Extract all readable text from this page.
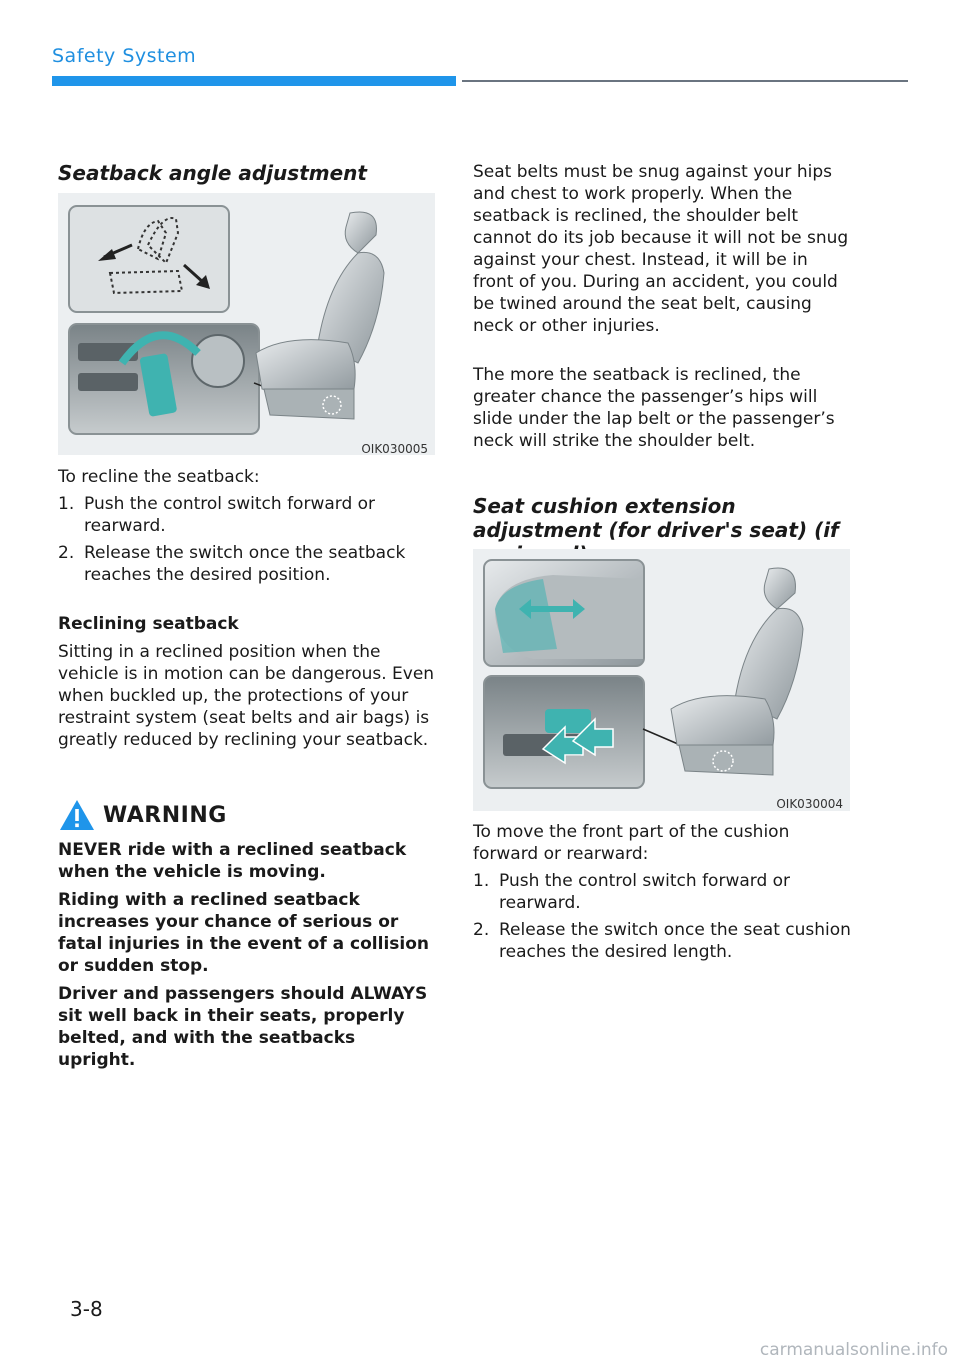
Safety System
Seatback angle adjustment
OIK030005

To recline the seatback:

1. Push the control switch forward or rearward.
2. Release the switch once the seatback reaches the desired position.

Reclining seatback

Sitting in a reclined position when the vehicle is in motion can be dangerous. Even when buckled up, the protections of your restraint system (seat belts and air bags) is greatly reduced by reclining your seatback.

WARNING

NEVER ride with a reclined seatback when the vehicle is moving.

Riding with a reclined seatback increases your chance of serious or fatal injuries in the event of a collision or sudden stop.

Driver and passengers should ALWAYS sit well back in their seats, properly belted, and with the seatbacks upright.

Seat belts must be snug against your hips and chest to work properly. When the seatback is reclined, the shoulder belt cannot do its job because it will not be snug against your chest. Instead, it will be in front of you. During an accident, you could be twined around the seat belt, causing neck or other injuries.

The more the seatback is reclined, the greater chance the passenger’s hips will slide under the lap belt or the passenger’s neck will strike the shoulder belt.

Seat cushion extension adjustment (for driver's seat) (if
OIK030004

To move the front part of the cushion forward or rearward:

1. Push the control switch forward or rearward.
2. Release the switch once the seat cushion reaches the desired length.
3-8
carmanualsonline.info
